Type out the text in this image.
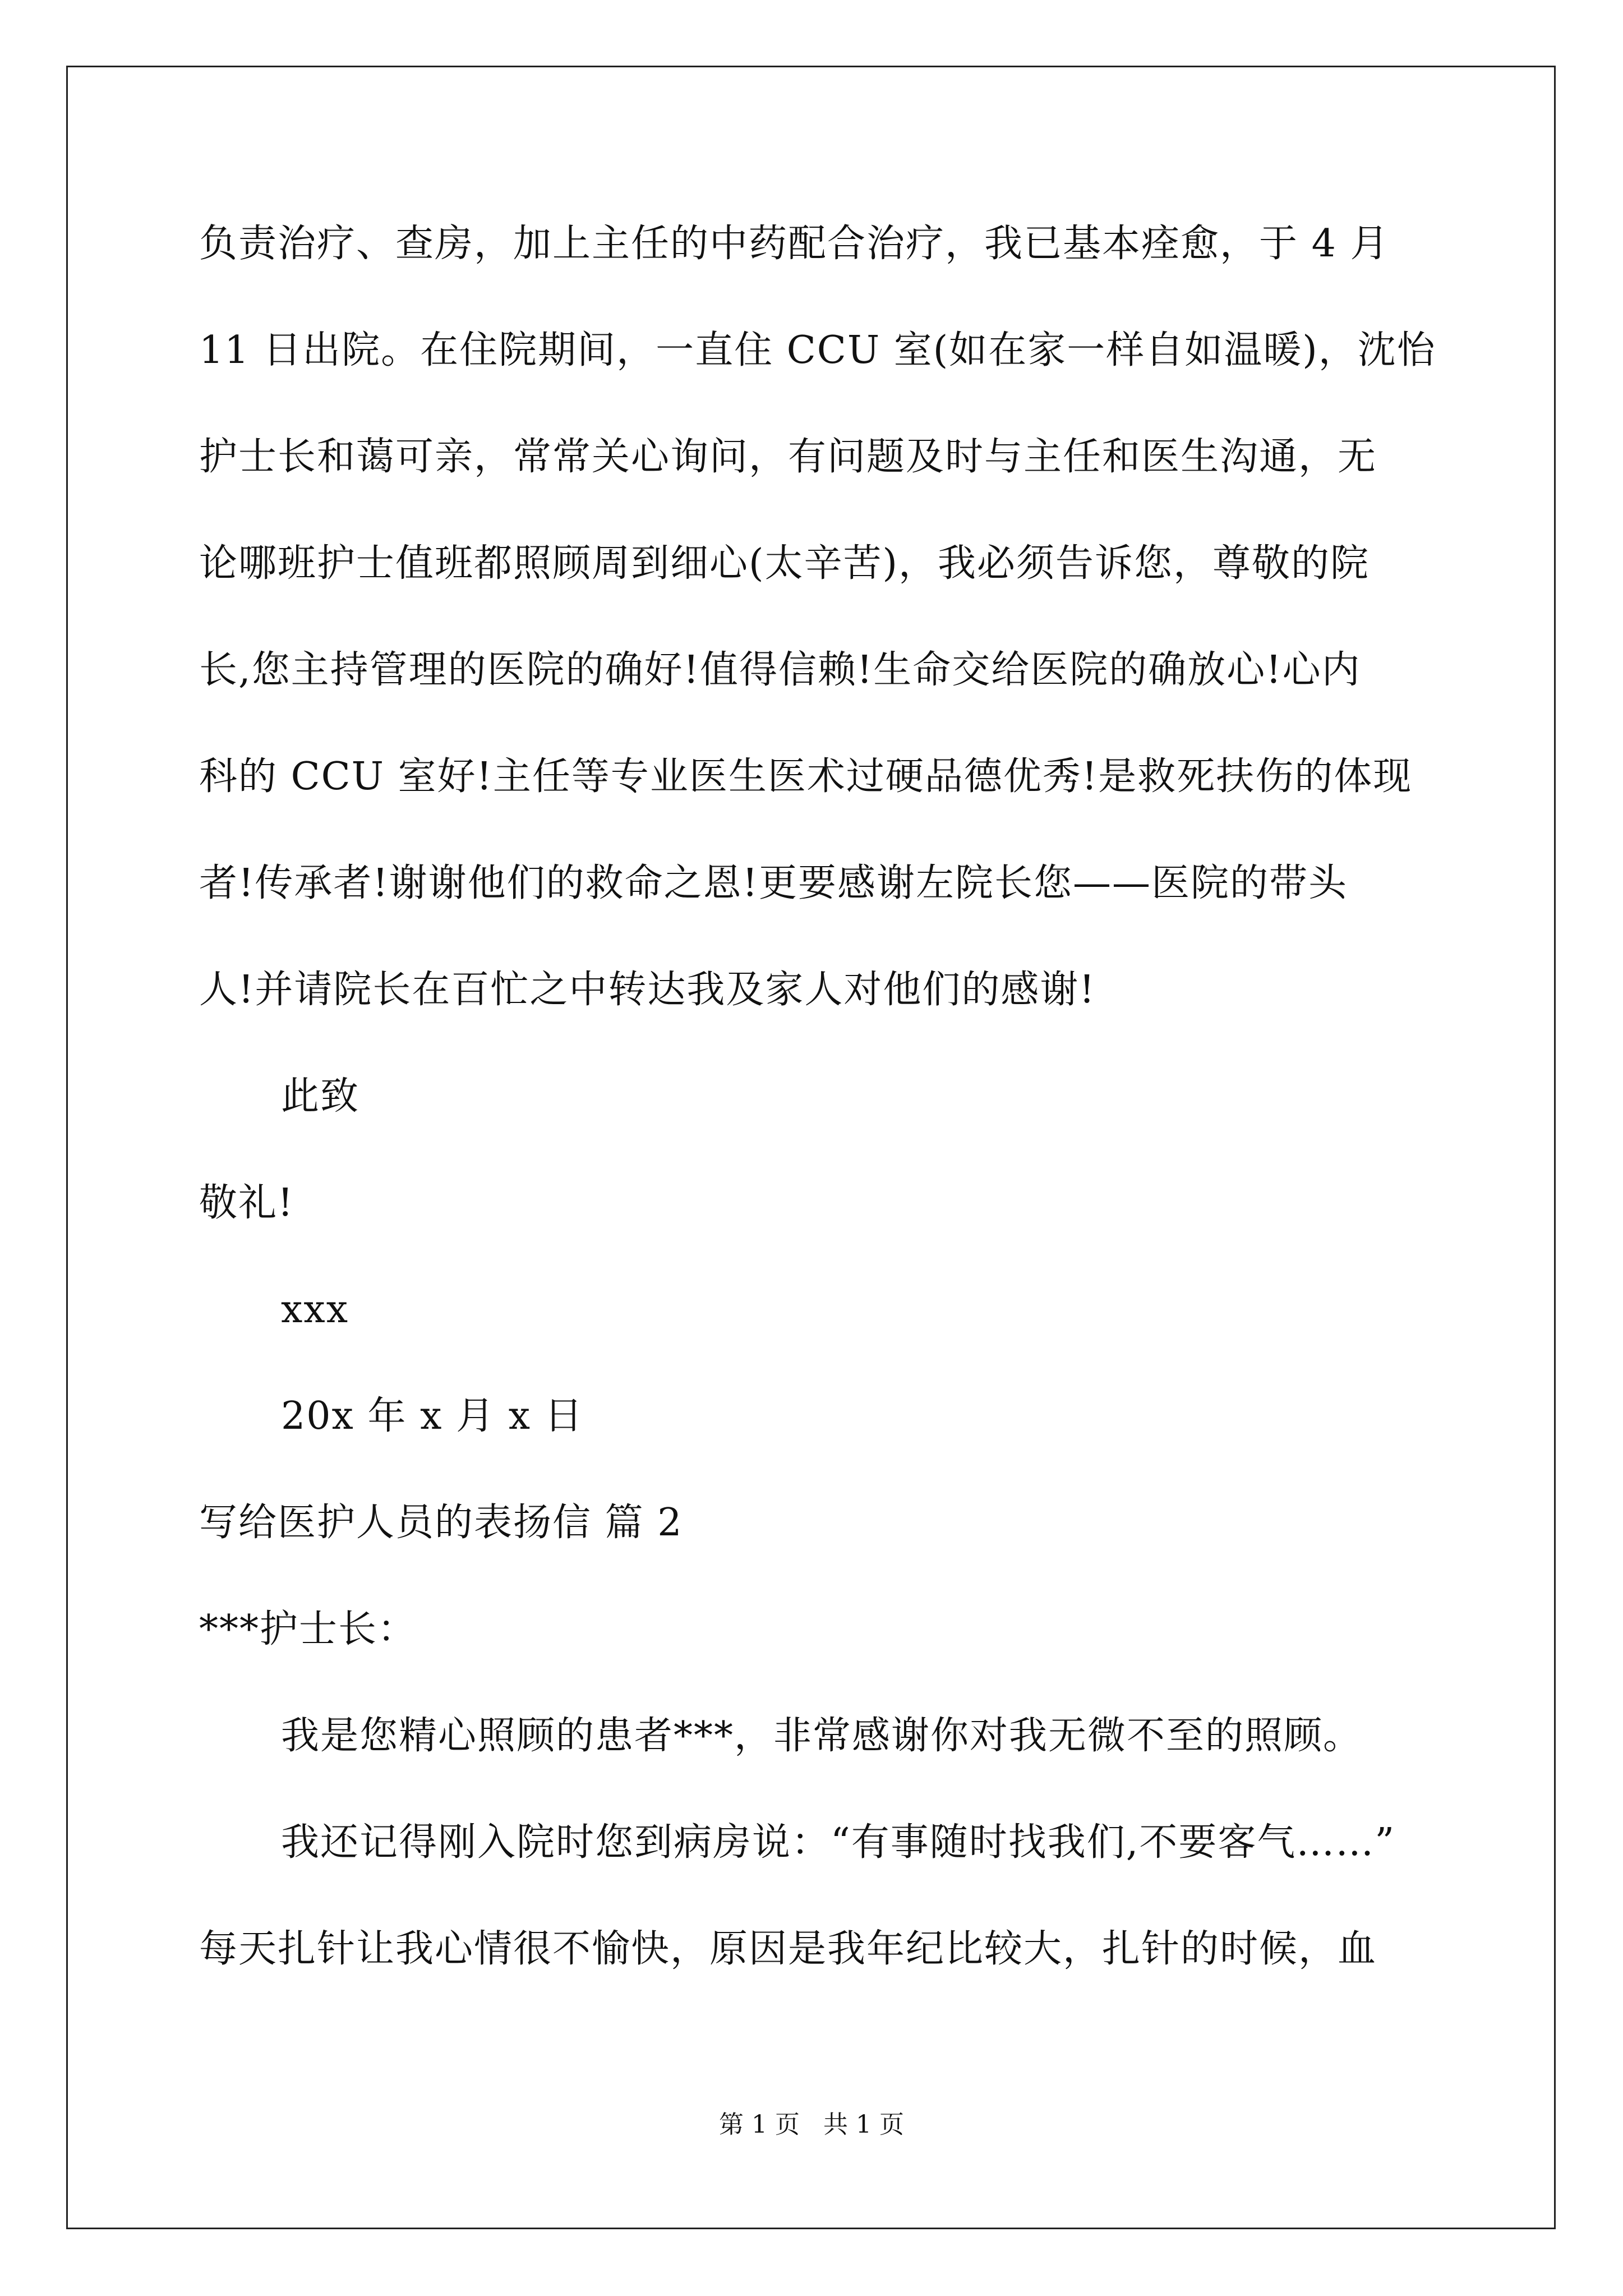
负责治疗、查房，加上主任的中药配合治疗，我已基本痊愈，于 4 月
11 日出院。在住院期间，一直住 CCU 室(如在家一样自如温暖)，沈怡
护士长和蔼可亲，常常关心询问，有问题及时与主任和医生沟通，无
论哪班护士值班都照顾周到细心(太辛苦)，我必须告诉您，尊敬的院
长,您主持管理的医院的确好!值得信赖!生命交给医院的确放心!心内
科的 CCU 室好!主任等专业医生医术过硬品德优秀!是救死扶伤的体现
者!传承者!谢谢他们的救命之恩!更要感谢左院长您——医院的带头
人!并请院长在百忙之中转达我及家人对他们的感谢!
此致
敬礼!
xxx
20x 年 x 月 x 日
写给医护人员的表扬信 篇 2
***护士长：
我是您精心照顾的患者***，非常感谢你对我无微不至的照顾。
我还记得刚入院时您到病房说：“有事随时找我们,不要客气……”
每天扎针让我心情很不愉快，原因是我年纪比较大，扎针的时候，血
第 1 页   共 1 页
